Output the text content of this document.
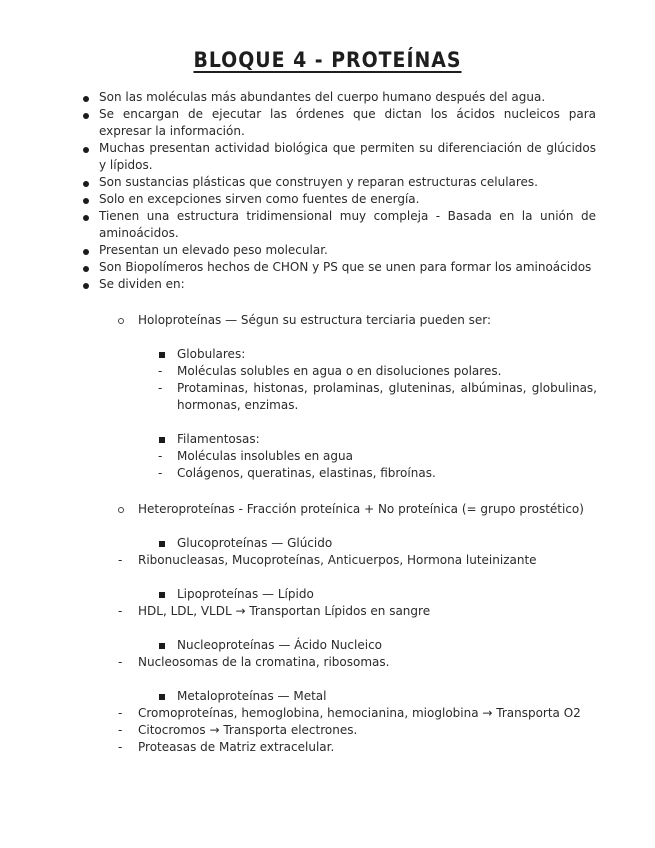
BLOQUE 4 - PROTEÍNAS
Son las moléculas más abundantes del cuerpo humano después del agua.
Se encargan de ejecutar las órdenes que dictan los ácidos nucleicos para expresar la información.
Muchas presentan actividad biológica que permiten su diferenciación de glúcidos y lípidos.
Son sustancias plásticas que construyen y reparan estructuras celulares.
Solo en excepciones sirven como fuentes de energía.
Tienen una estructura tridimensional muy compleja - Basada en la unión de aminoácidos.
Presentan un elevado peso molecular.
Son Biopolímeros hechos de CHON y PS que se unen para formar los aminoácidos
Se dividen en:
Holoproteínas — Ségun su estructura terciaria pueden ser:
Globulares:
- Moléculas solubles en agua o en disoluciones polares.
- Protaminas, histonas, prolaminas, gluteninas, albúminas, globulinas, hormonas, enzimas.
Filamentosas:
- Moléculas insolubles en agua
- Colágenos, queratinas, elastinas, fibroínas.
Heteroproteínas - Fracción proteínica + No proteínica (= grupo prostético)
Glucoproteínas — Glúcido
- Ribonucleasas, Mucoproteínas, Anticuerpos, Hormona luteinizante
Lipoproteínas — Lípido
- HDL, LDL, VLDL → Transportan Lípidos en sangre
Nucleoproteínas — Ácido Nucleico
- Nucleosomas de la cromatina, ribosomas.
Metaloproteínas — Metal
- Cromoproteínas, hemoglobina, hemocianina, mioglobina → Transporta O2
- Citocromos → Transporta electrones.
- Proteasas de Matriz extracelular.
